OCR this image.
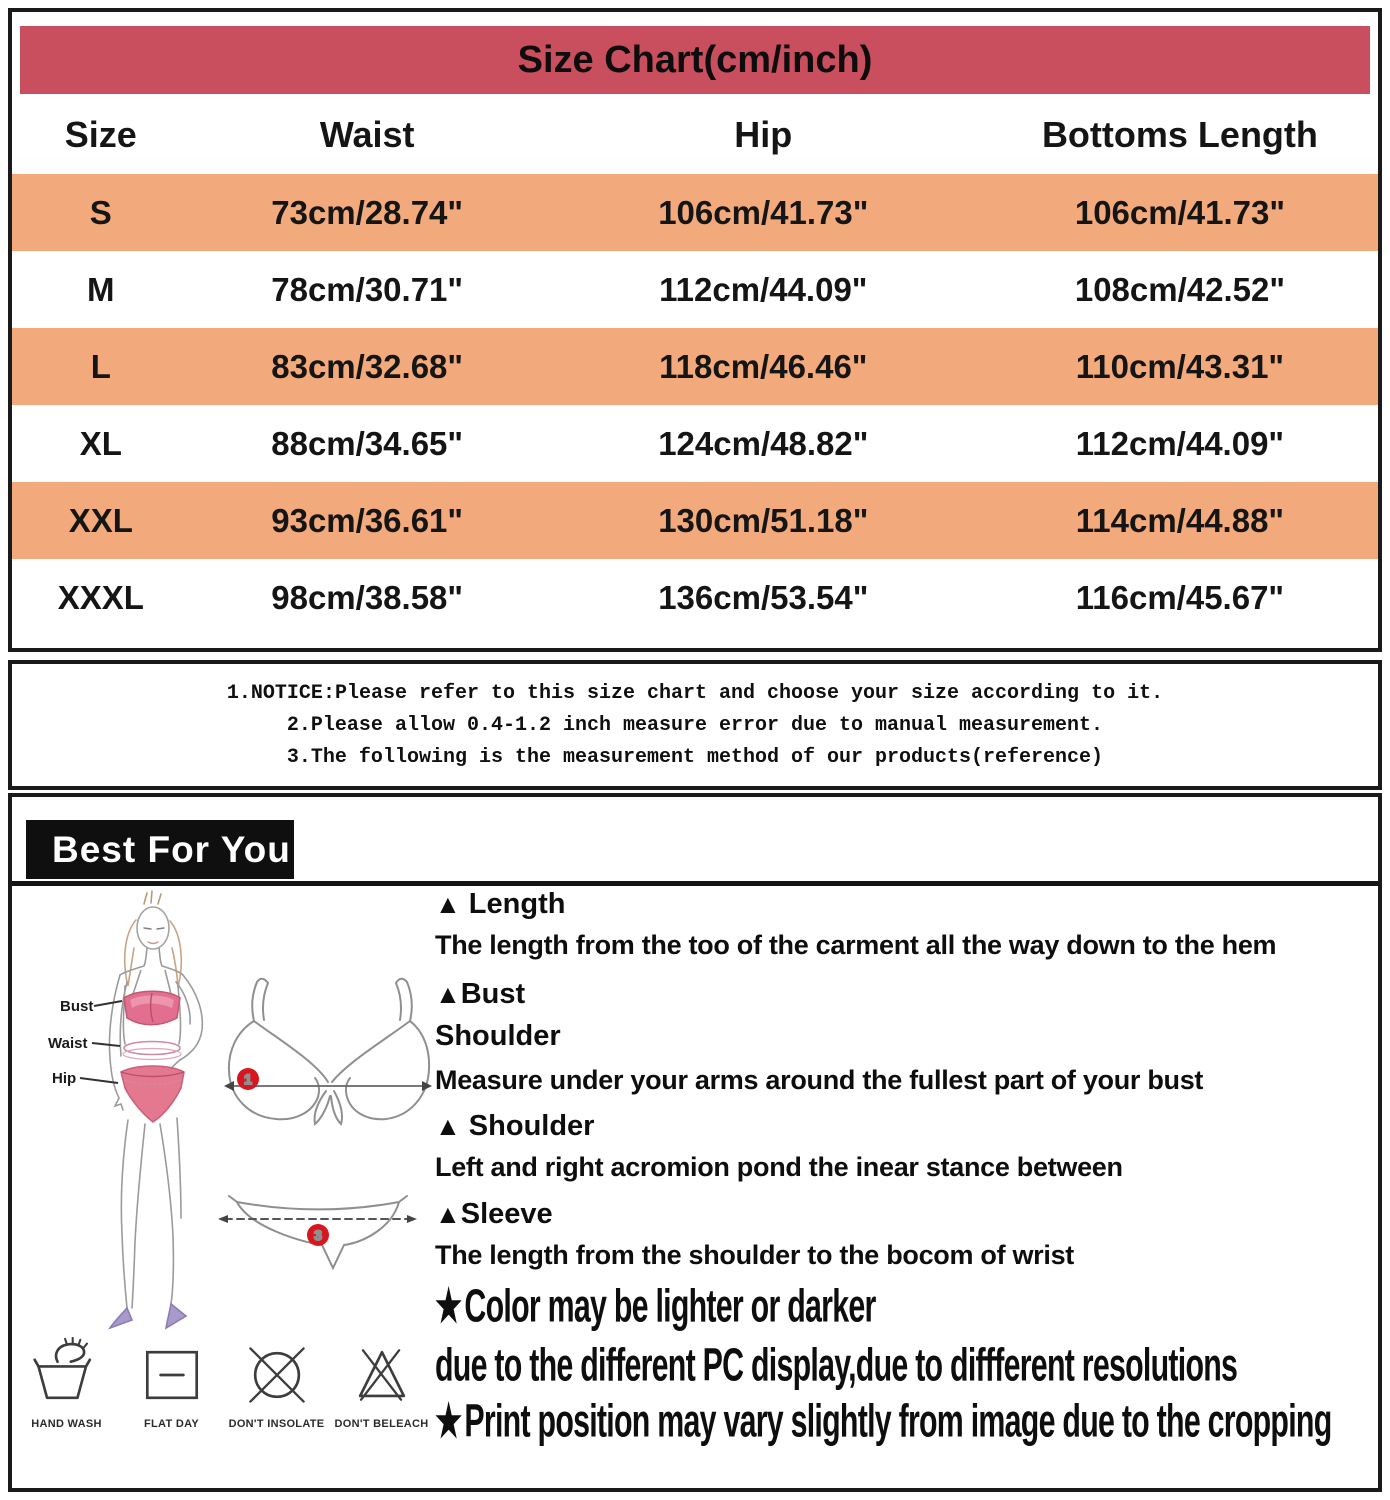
Size Chart(cm/inch)
Size	Waist	Hip	Bottoms Length
S	73cm/28.74"	106cm/41.73"	106cm/41.73"
M	78cm/30.71"	112cm/44.09"	108cm/42.52"
L	83cm/32.68"	118cm/46.46"	110cm/43.31"
XL	88cm/34.65"	124cm/48.82"	112cm/44.09"
XXL	93cm/36.61"	130cm/51.18"	114cm/44.88"
XXXL	98cm/38.58"	136cm/53.54"	116cm/45.67"
1.NOTICE:Please refer to this size chart and choose your size according to it.
2.Please allow 0.4-1.2 inch measure error due to manual measurement.
3.The following is the measurement method of our products(reference)
Best For You
Bust
Waist
Hip	1
3
▲ Length
The length from the too of the carment all the way down to the hem
▲Bust
Shoulder
Measure under your arms around the fullest part of your bust
▲ Shoulder
Left and right acromion pond the inear stance between
▲Sleeve
The length from the shoulder to the bocom of wrist
★Color may be lighter or darker
due to the different PC display,due to diffferent resolutions
★Print position may vary slightly from image due to the cropping
HAND WASH	FLAT DAY	DON'T INSOLATE DON'T BELEACH
